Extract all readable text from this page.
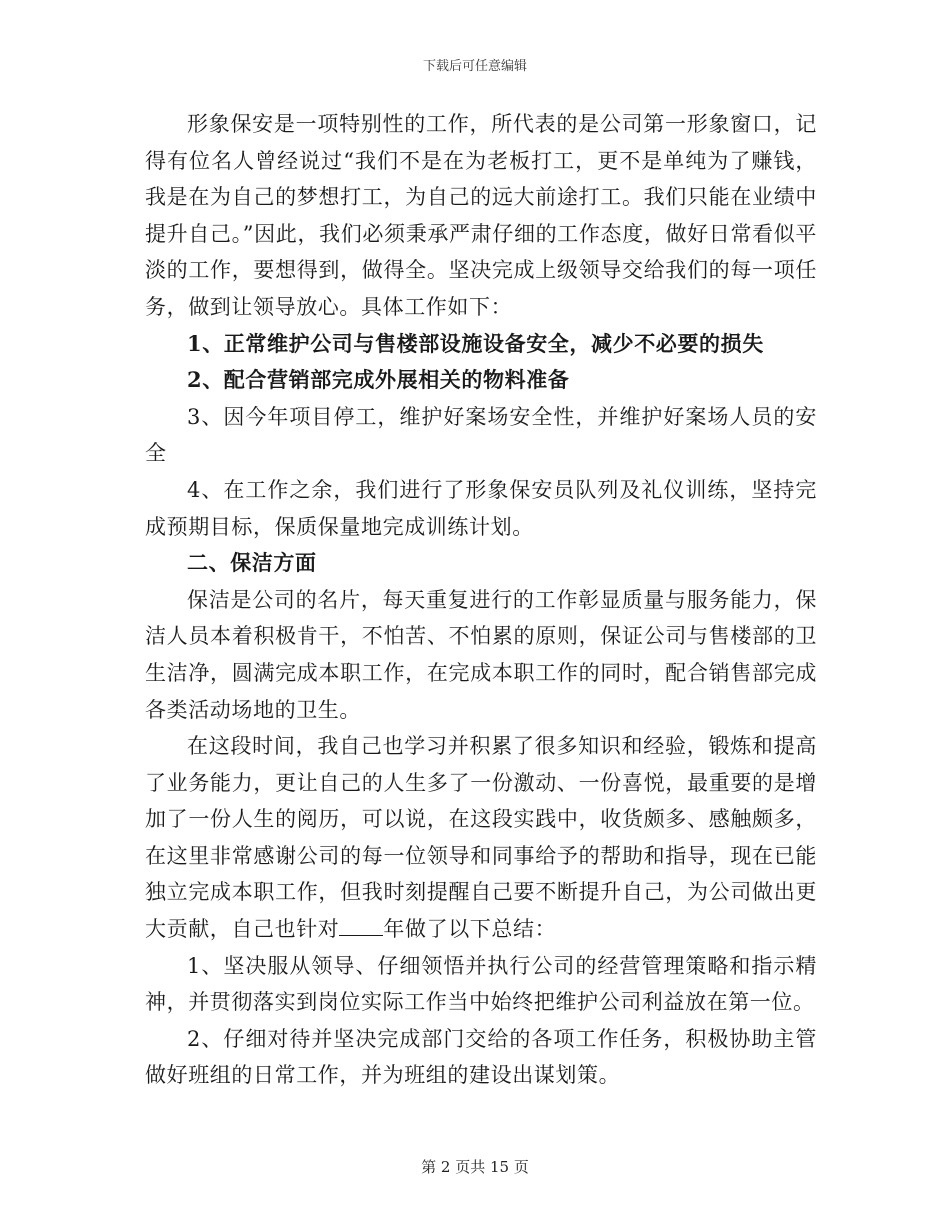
下载后可任意编辑

形象保安是一项特别性的工作，所代表的是公司第一形象窗口，记得有位名人曾经说过“我们不是在为老板打工，更不是单纯为了赚钱，我是在为自己的梦想打工，为自己的远大前途打工。我们只能在业绩中提升自己。”因此，我们必须秉承严肃仔细的工作态度，做好日常看似平淡的工作，要想得到，做得全。坚决完成上级领导交给我们的每一项任务，做到让领导放心。具体工作如下：

1、正常维护公司与售楼部设施设备安全，减少不必要的损失

2、配合营销部完成外展相关的物料准备

3、因今年项目停工，维护好案场安全性，并维护好案场人员的安全

4、在工作之余，我们进行了形象保安员队列及礼仪训练，坚持完成预期目标，保质保量地完成训练计划。

二、保洁方面

保洁是公司的名片，每天重复进行的工作彰显质量与服务能力，保洁人员本着积极肯干，不怕苦、不怕累的原则，保证公司与售楼部的卫生洁净，圆满完成本职工作，在完成本职工作的同时，配合销售部完成各类活动场地的卫生。

在这段时间，我自己也学习并积累了很多知识和经验，锻炼和提高了业务能力，更让自己的人生多了一份激动、一份喜悦，最重要的是增加了一份人生的阅历，可以说，在这段实践中，收货颇多、感触颇多，在这里非常感谢公司的每一位领导和同事给予的帮助和指导，现在已能独立完成本职工作，但我时刻提醒自己要不断提升自己，为公司做出更大贡献，自己也针对 年做了以下总结：

1、坚决服从领导、仔细领悟并执行公司的经营管理策略和指示精神，并贯彻落实到岗位实际工作当中始终把维护公司利益放在第一位。

2、仔细对待并坚决完成部门交给的各项工作任务，积极协助主管做好班组的日常工作，并为班组的建设出谋划策。

第 2 页共 15 页
